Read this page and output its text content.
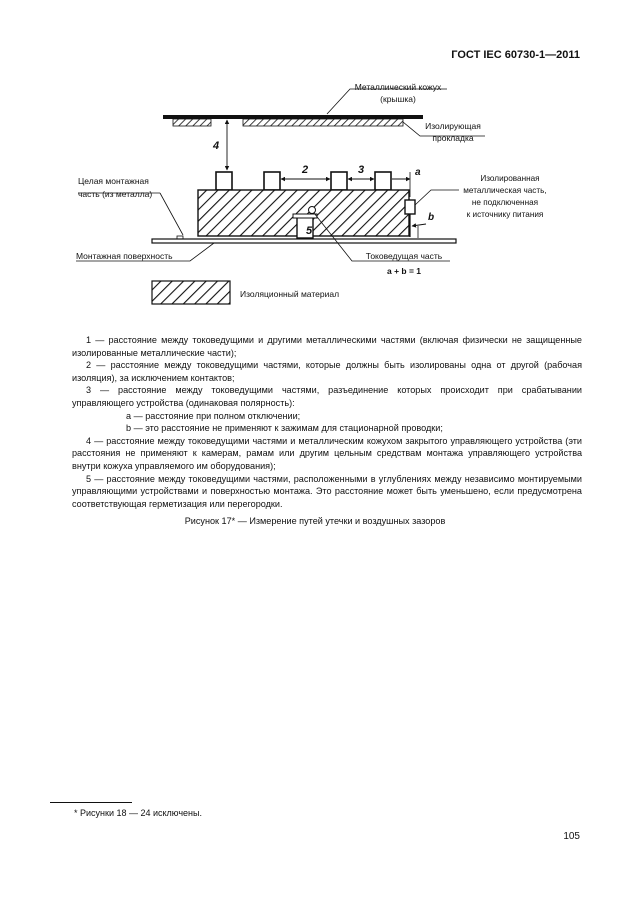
ГОСТ IEC 60730-1—2011
Металлический кожух
(крышка)
Изолирующая
прокладка
4
2	3	a
5
Изолированная
металлическая часть,
не подключенная
к источнику питания
b
Целая монтажная
часть (из металла)
Монтажная поверхность	Токоведущая часть
a + b = 1
Изоляционный материал

1 — расстояние между токоведущими и другими металлическими частями (включая физически не защищенные изолированные металлические части);

2 — расстояние между токоведущими частями, которые должны быть изолированы одна от другой (рабочая изоляция), за исключением контактов;

3 — расстояние между токоведущими частями, разъединение которых происходит при срабатывании управляющего устройства (одинаковая полярность):

a — расстояние при полном отключении;

b — это расстояние не применяют к зажимам для стационарной проводки;

4 — расстояние между токоведущими частями и металлическим кожухом закрытого управляющего устройства (эти расстояния не применяют к камерам, рамам или другим цельным средствам монтажа управляющего устройства внутри кожуха управляемого им оборудования);

5 — расстояние между токоведущими частями, расположенными в углублениях между независимо монтируемыми управляющими устройствами и поверхностью монтажа. Это расстояние может быть уменьшено, если предусмотрена соответствующая герметизация или перегородки.

Рисунок 17* — Измерение путей утечки и воздушных зазоров
* Рисунки 18 — 24 исключены.
105
